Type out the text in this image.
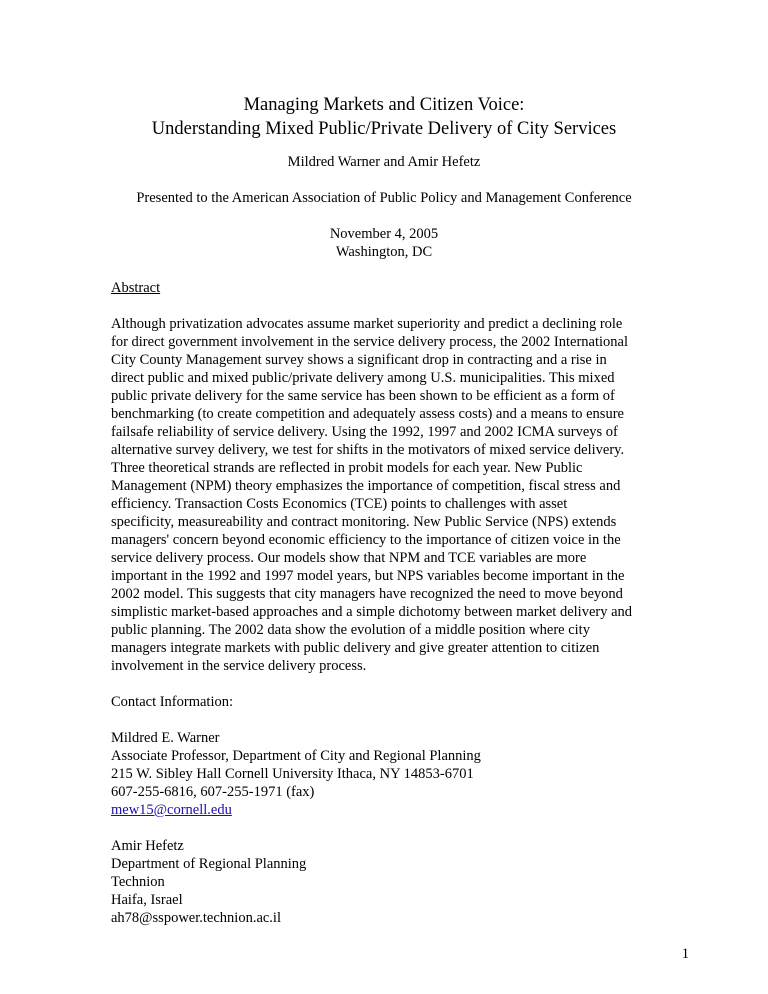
Managing Markets and Citizen Voice:
Understanding Mixed Public/Private Delivery of City Services
Mildred Warner and Amir Hefetz
Presented to the American Association of Public Policy and Management Conference
November 4, 2005
Washington, DC
Abstract
Although privatization advocates assume market superiority and predict a declining role
for direct government involvement in the service delivery process, the 2002 International
City County Management survey shows a significant drop in contracting and a rise in
direct public and mixed public/private delivery among U.S. municipalities. This mixed
public private delivery for the same service has been shown to be efficient as a form of
benchmarking (to create competition and adequately assess costs) and a means to ensure
failsafe reliability of service delivery. Using the 1992, 1997 and 2002 ICMA surveys of
alternative survey delivery, we test for shifts in the motivators of mixed service delivery.
Three theoretical strands are reflected in probit models for each year. New Public
Management (NPM) theory emphasizes the importance of competition, fiscal stress and
efficiency. Transaction Costs Economics (TCE) points to challenges with asset
specificity, measureability and contract monitoring. New Public Service (NPS) extends
managers' concern beyond economic efficiency to the importance of citizen voice in the
service delivery process. Our models show that NPM and TCE variables are more
important in the 1992 and 1997 model years, but NPS variables become important in the
2002 model. This suggests that city managers have recognized the need to move beyond
simplistic market-based approaches and a simple dichotomy between market delivery and
public planning. The 2002 data show the evolution of a middle position where city
managers integrate markets with public delivery and give greater attention to citizen
involvement in the service delivery process.
Contact Information:
Mildred E. Warner
Associate Professor, Department of City and Regional Planning
215 W. Sibley Hall Cornell University Ithaca, NY 14853-6701
607-255-6816, 607-255-1971 (fax)
mew15@cornell.edu
Amir Hefetz
Department of Regional Planning
Technion
Haifa, Israel
ah78@sspower.technion.ac.il
1
